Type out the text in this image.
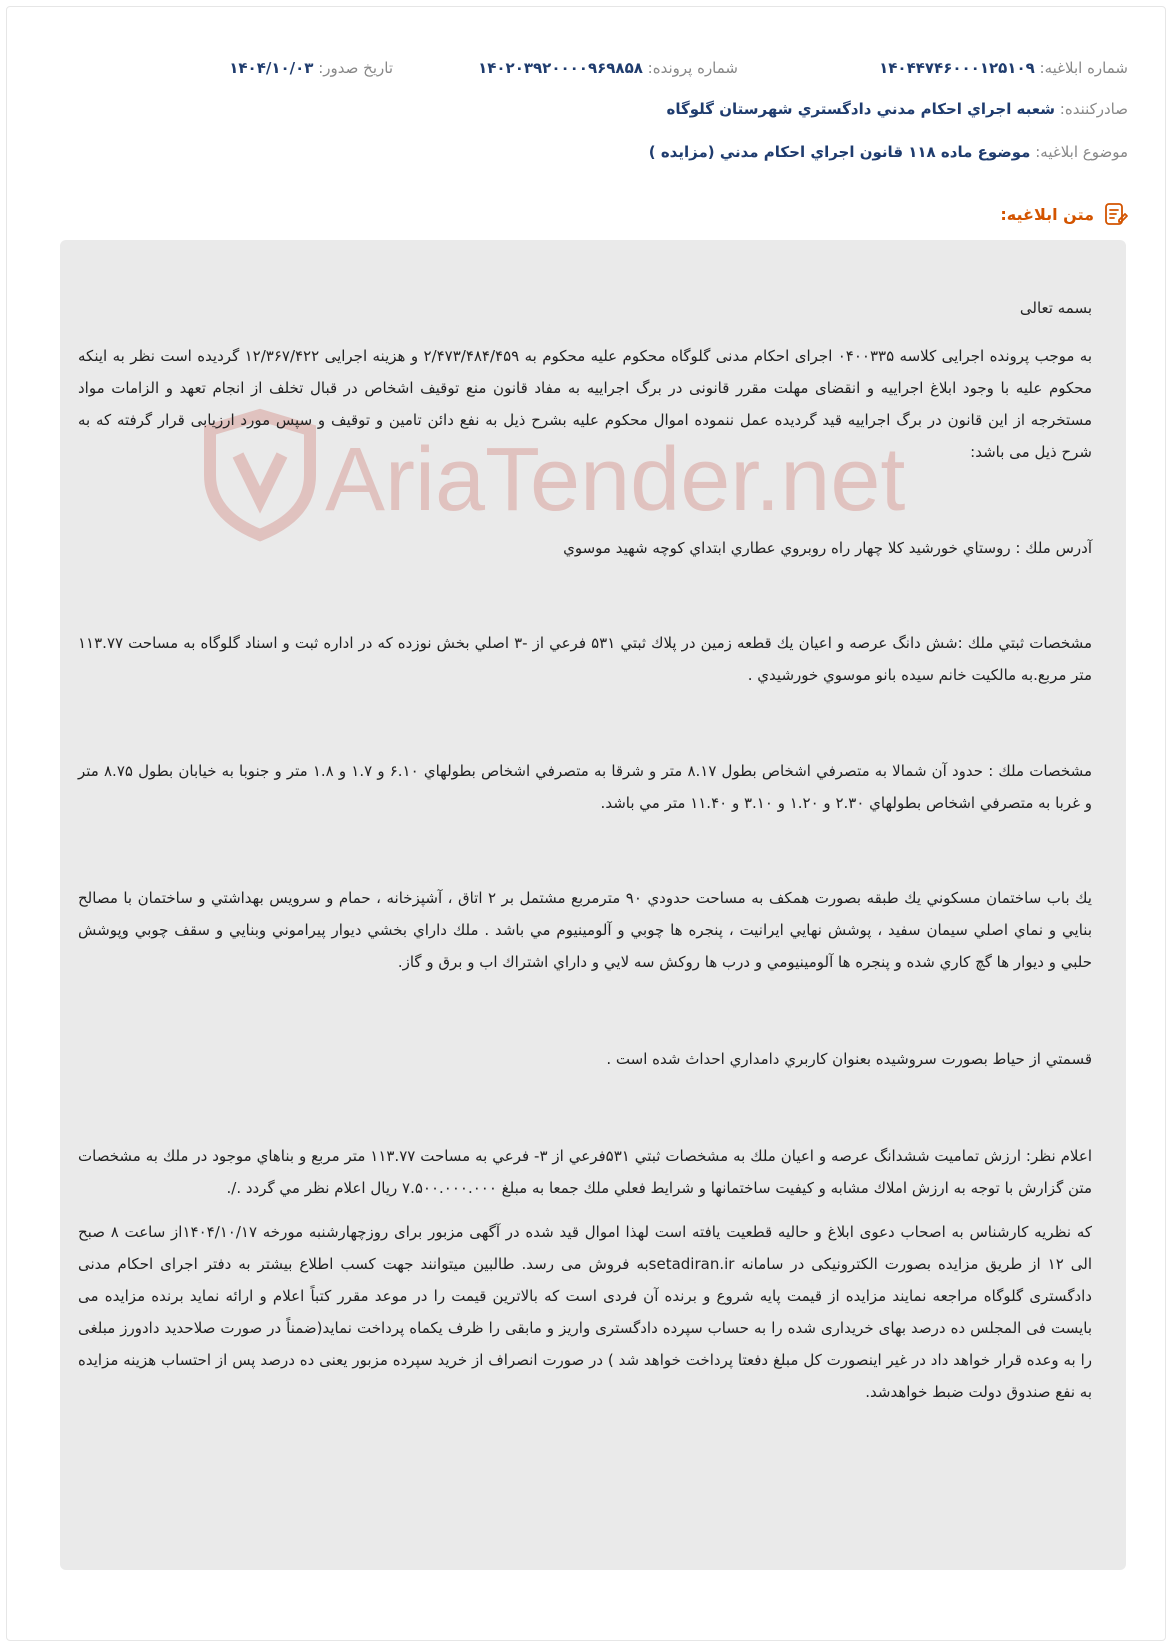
شماره ابلاغیه: ۱۴۰۴۴۷۴۶۰۰۰۱۲۵۱۰۹
شماره پرونده: ۱۴۰۲۰۳۹۲۰۰۰۰۹۶۹۸۵۸
تاریخ صدور: ۱۴۰۴/۱۰/۰۳
صادرکننده: شعبه اجراي احكام مدني دادگستري شهرستان گلوگاه
موضوع ابلاغیه: موضوع ماده ۱۱۸ قانون اجراي احكام مدني (مزايده )
متن ابلاغیه:
AriaTender.net
بسمه تعالی
به موجب پرونده اجرایی کلاسه ۰۴۰۰۳۳۵ اجرای احکام مدنی گلوگاه محکوم علیه محکوم به ۲/۴۷۳/۴۸۴/۴۵۹ و هزینه اجرایی ۱۲/۳۶۷/۴۲۲ گردیده است نظر به اینکه محکوم علیه با وجود ابلاغ اجراییه و انقضای مهلت مقرر قانونی در برگ اجراییه به مفاد قانون منع توقیف اشخاص در قبال تخلف از انجام تعهد و الزامات مواد مستخرجه از این قانون در برگ اجراییه قید گردیده عمل ننموده اموال محکوم علیه بشرح ذیل به نفع دائن تامین و توقیف و سپس مورد ارزیابی قرار گرفته که به شرح ذیل می باشد:
آدرس ملك : روستاي خورشيد كلا چهار راه روبروي عطاري ابتداي كوچه شهيد موسوي
مشخصات ثبتي ملك :شش دانگ عرصه و اعيان يك قطعه زمين در پلاك ثبتي ۵۳۱ فرعي از -۳ اصلي بخش نوزده كه در اداره ثبت و اسناد گلوگاه به مساحت ۱۱۳.۷۷ متر مربع.به مالكيت خانم سيده بانو موسوي خورشيدي .
مشخصات ملك : حدود آن شمالا به متصرفي اشخاص بطول ۸.۱۷ متر و شرقا به متصرفي اشخاص بطولهاي ۶.۱۰ و ۱.۷ و ۱.۸ متر و جنوبا به خيابان بطول ۸.۷۵ متر و غربا به متصرفي اشخاص بطولهاي ۲.۳۰ و ۱.۲۰ و ۳.۱۰ و ۱۱.۴۰ متر مي باشد.
يك باب ساختمان مسكوني يك طبقه بصورت همكف به مساحت حدودي ۹۰ مترمربع مشتمل بر ۲ اتاق ، آشپزخانه ، حمام و سرويس بهداشتي و ساختمان با مصالح بنايي و نماي اصلي سيمان سفيد ، پوشش نهايي ايرانيت ، پنجره ها چوبي و آلومينيوم مي باشد . ملك داراي بخشي ديوار پيراموني وبنايي و سقف چوبي وپوشش حلبي و ديوار ها گچ كاري شده و پنجره ها آلومينيومي و درب ها روكش سه لايي و داراي اشتراك اب و برق و گاز.
قسمتي از حياط بصورت سروشيده بعنوان كاربري دامداري احداث شده است .
اعلام نظر: ارزش تماميت ششدانگ عرصه و اعيان ملك به مشخصات ثبتي ۵۳۱فرعي از ۳- فرعي به مساحت ۱۱۳.۷۷ متر مربع و بناهاي موجود در ملك به مشخصات متن گزارش با توجه به ارزش املاك مشابه و كيفيت ساختمانها و شرايط فعلي ملك جمعا به مبلغ ۷.۵۰۰.۰۰۰.۰۰۰ ريال اعلام نظر مي گردد ./.
که نظریه کارشناس به اصحاب دعوی ابلاغ و حالیه قطعیت یافته است لهذا اموال قید شده در آگهی مزبور برای روزچهارشنبه مورخه ۱۴۰۴/۱۰/۱۷از ساعت ۸ صبح الی ۱۲ از طریق مزایده بصورت الکترونیکی در سامانه setadiran.irبه فروش می رسد. طالبین میتوانند جهت کسب اطلاع بیشتر به دفتر اجرای احکام مدنی دادگستری گلوگاه مراجعه نمایند مزایده از قیمت پایه شروع و برنده آن فردی است که بالاترین قیمت را در موعد مقرر کتباً اعلام و ارائه نماید برنده مزایده می بایست فی المجلس ده درصد بهای خریداری شده را به حساب سپرده دادگستری واریز و مابقی را ظرف یکماه پرداخت نماید(ضمناً در صورت صلاحدید دادورز مبلغی را به وعده قرار خواهد داد در غیر اینصورت کل مبلغ دفعتا پرداخت خواهد شد ) در صورت انصراف از خرید سپرده مزبور یعنی ده درصد پس از احتساب هزینه مزایده به نفع صندوق دولت ضبط خواهدشد.
